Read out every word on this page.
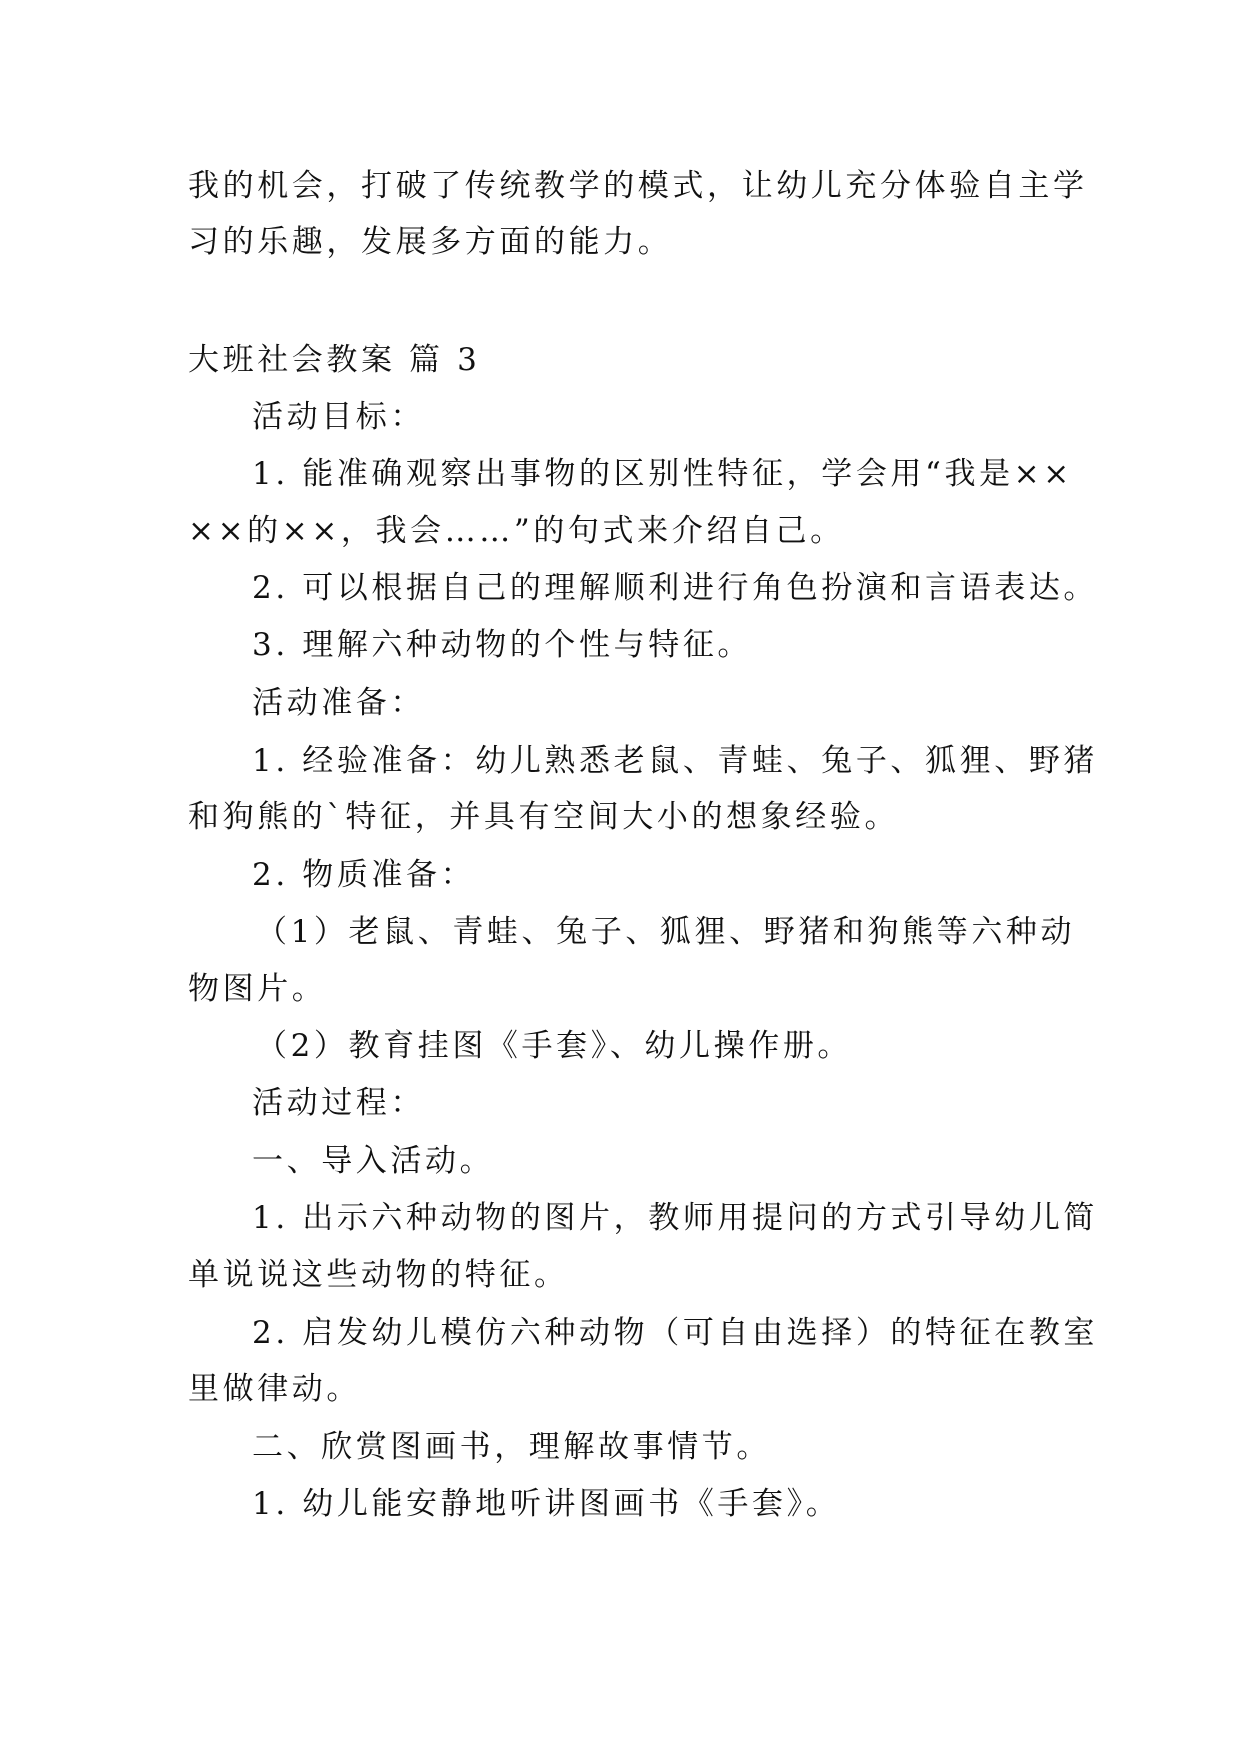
我的机会，打破了传统教学的模式，让幼儿充分体验自主学
习的乐趣，发展多方面的能力。
大班社会教案 篇 3
活动目标：
1. 能准确观察出事物的区别性特征，学会用“我是××
××的××，我会……”的句式来介绍自己。
2. 可以根据自己的理解顺利进行角色扮演和言语表达。
3. 理解六种动物的个性与特征。
活动准备：
1. 经验准备：幼儿熟悉老鼠、青蛙、兔子、狐狸、野猪
和狗熊的`特征，并具有空间大小的想象经验。
2. 物质准备：
（1）老鼠、青蛙、兔子、狐狸、野猪和狗熊等六种动
物图片。
（2）教育挂图《手套》、幼儿操作册。
活动过程：
一、导入活动。
1. 出示六种动物的图片，教师用提问的方式引导幼儿简
单说说这些动物的特征。
2. 启发幼儿模仿六种动物（可自由选择）的特征在教室
里做律动。
二、欣赏图画书，理解故事情节。
1. 幼儿能安静地听讲图画书《手套》。
